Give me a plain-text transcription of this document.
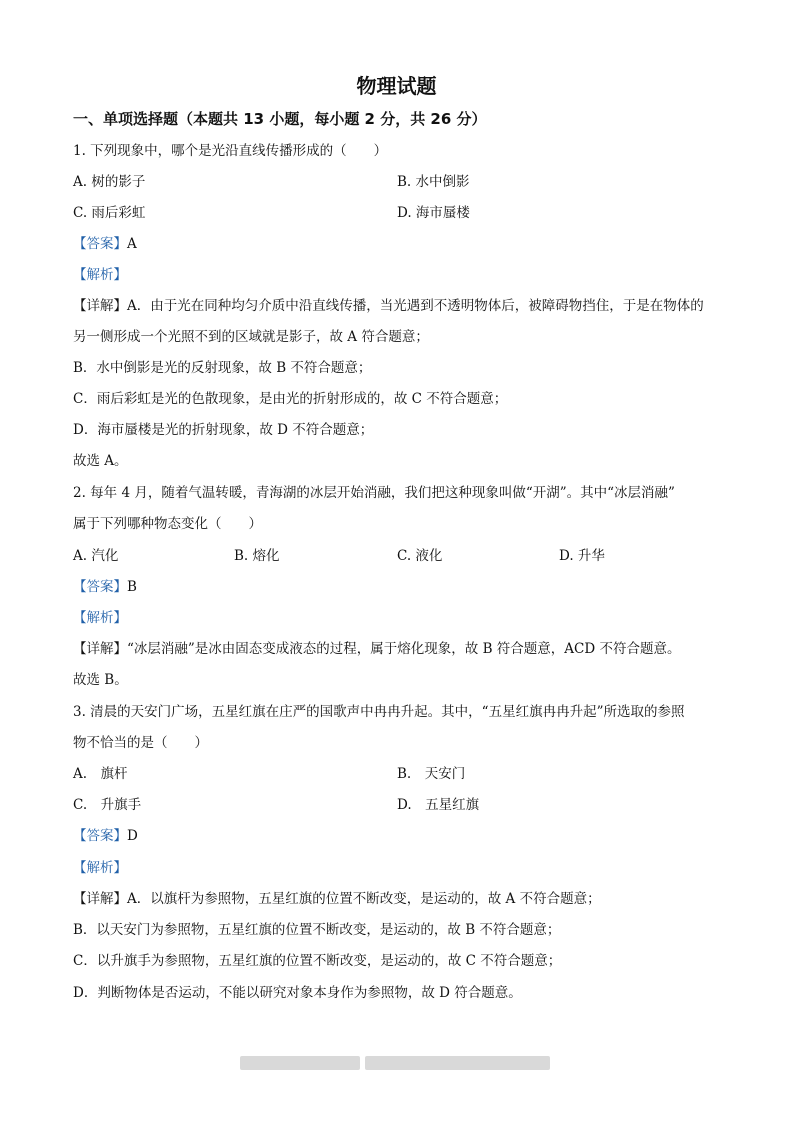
物理试题
一、单项选择题（本题共 13 小题，每小题 2 分，共 26 分）
1. 下列现象中，哪个是光沿直线传播形成的（　　）
A. 树的影子	B. 水中倒影
C. 雨后彩虹	D. 海市蜃楼
【答案】A
【解析】
【详解】A．由于光在同种均匀介质中沿直线传播，当光遇到不透明物体后，被障碍物挡住，于是在物体的
另一侧形成一个光照不到的区域就是影子，故 A 符合题意；
B．水中倒影是光的反射现象，故 B 不符合题意；
C．雨后彩虹是光的色散现象，是由光的折射形成的，故 C 不符合题意；
D．海市蜃楼是光的折射现象，故 D 不符合题意；
故选 A。
2. 每年 4 月，随着气温转暖，青海湖的冰层开始消融，我们把这种现象叫做“开湖”。其中“冰层消融”
属于下列哪种物态变化（　　）
A. 汽化	B. 熔化	C. 液化	D. 升华
【答案】B
【解析】
【详解】“冰层消融”是冰由固态变成液态的过程，属于熔化现象，故 B 符合题意，ACD 不符合题意。
故选 B。
3. 清晨的天安门广场，五星红旗在庄严的国歌声中冉冉升起。其中，“五星红旗冉冉升起”所选取的参照
物不恰当的是（　　）
A.　旗杆	B.　天安门
C.　升旗手	D.　五星红旗
【答案】D
【解析】
【详解】A．以旗杆为参照物，五星红旗的位置不断改变，是运动的，故 A 不符合题意；
B．以天安门为参照物，五星红旗的位置不断改变，是运动的，故 B 不符合题意；
C．以升旗手为参照物，五星红旗的位置不断改变，是运动的，故 C 不符合题意；
D．判断物体是否运动，不能以研究对象本身作为参照物，故 D 符合题意。
